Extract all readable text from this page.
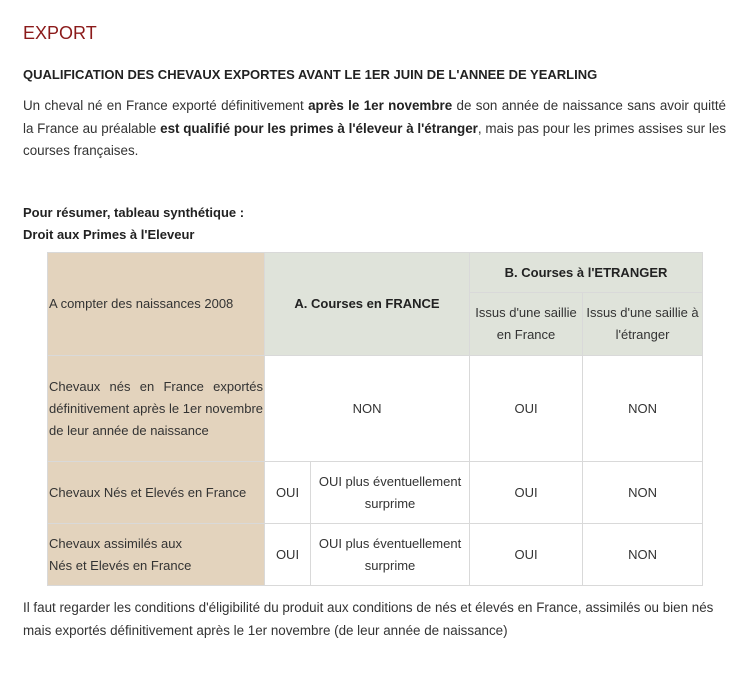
EXPORT
QUALIFICATION DES CHEVAUX EXPORTES AVANT LE 1ER JUIN DE L'ANNEE DE YEARLING

Un cheval né en France exporté définitivement après le 1er novembre de son année de naissance sans avoir quitté la France au préalable est qualifié pour les primes à l'éleveur à l'étranger, mais pas pour les primes assises sur les courses françaises.

Pour résumer, tableau synthétique :
Droit aux Primes à l'Eleveur
A compter des naissances 2008	A. Courses en FRANCE		B. Courses à l'ETRANGER	
			Issus d'une saillie en France	Issus d'une saillie à l'étranger
Chevaux nés en France exportés définitivement après le 1er novembre de leur année de naissance	NON		OUI	NON
Chevaux Nés et Elevés en France	OUI	OUI plus éventuellement surprime	OUI	NON

Chevaux assimilés aux
Nés et Elevés en France	OUI	OUI plus éventuellement surprime	OUI	NON

Il faut regarder les conditions d'éligibilité du produit aux conditions de nés et élevés en France, assimilés ou bien nés mais exportés définitivement après le 1er novembre (de leur année de naissance)
